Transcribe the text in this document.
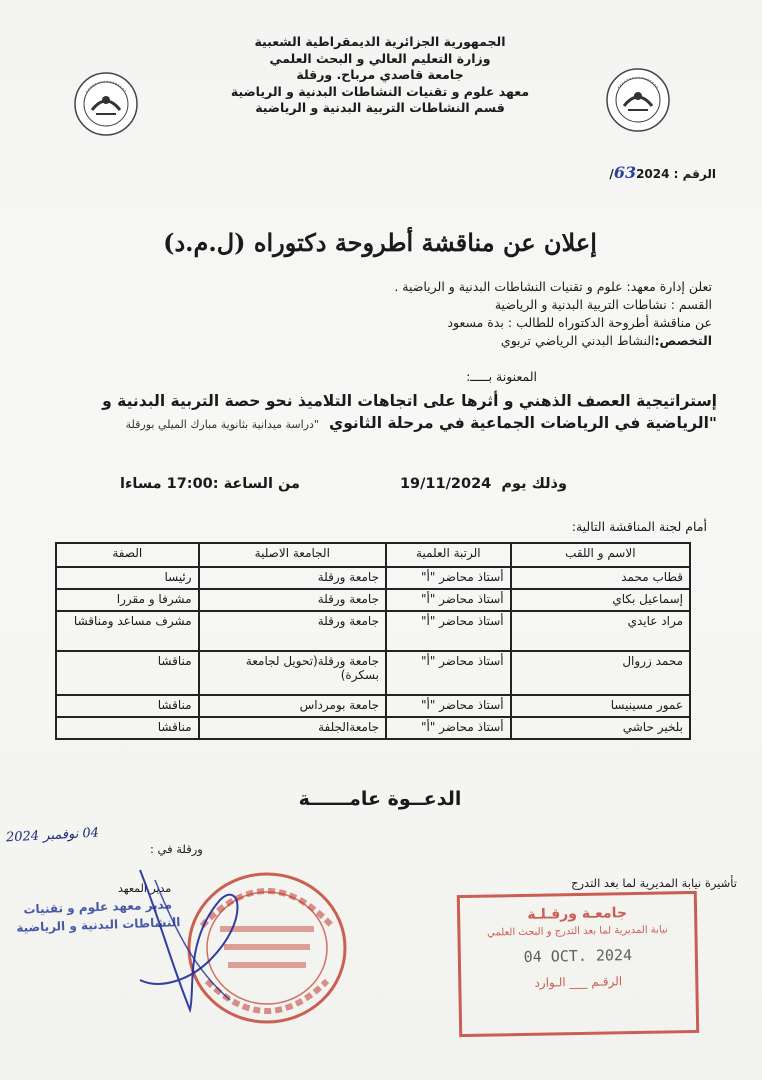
الجمهورية الجزائرية الديمقراطية الشعبية
وزارة التعليم العالي و البحث العلمي
جامعة قاصدي مرباح. ورقلة
معهد علوم و تقنيات النشاطات البدنية و الرياضية
قسم النشاطات التربية البدنية و الرياضية
الرقم : 632024/
إعلان عن مناقشة أطروحة دكتوراه (ل.م.د)
تعلن إدارة معهد: علوم و تقنيات النشاطات البدنية و الرياضية .
القسم : نشاطات التربية البدنية و الرياضية
عن مناقشة أطروحة الدكتوراه للطالب : بدة مسعود
التخصص:النشاط البدني الرياضي تربوي
المعنونة بـــــ:
إستراتيجية العصف الذهني و أثرها على اتجاهات التلاميذ نحو حصة التربية البدنية و
"الرياضية في الرياضات الجماعية في مرحلة الثانوي
"دراسة ميدانية بثانوية مبارك الميلي بورقلة
وذلك يوم  19/11/2024
من الساعة :17:00 مساءا
أمام لجنة المناقشة التالية:
الاسم و اللقب	الرتبة العلمية	الجامعة الاصلية	الصفة
قطاب محمد	أستاذ محاضر "أ"	جامعة ورقلة	رئيسا
إسماعيل بكاي	أستاذ محاضر "أ"	جامعة ورقلة	مشرفا و مقررا
مراد عايدي	أستاذ محاضر "أ"	جامعة ورقلة	مشرف مساعد ومناقشا
محمد زروال	أستاذ محاضر "أ"	جامعة ورقلة(تحويل لجامعة بسكرة)	مناقشا
عمور مسينيسا	أستاذ محاضر "أ"	جامعة بومرداس	مناقشا
بلخير حاشي	أستاذ محاضر "أ"	جامعةالجلفة	مناقشا
الدعــوة عامــــــة
ورقلة في :
04 نوفمبر 2024
مدير المعهد
مدير معهد علوم و تقنيات النشاطات البدنية و الرياضية
تأشيرة نيابة المديرية لما بعد التدرج
جامعـة ورقـلـة
نيابة المديرية لما بعد التدرج و البحث العلمي
04 OCT. 2024
الرقـم ___ الـوارد
